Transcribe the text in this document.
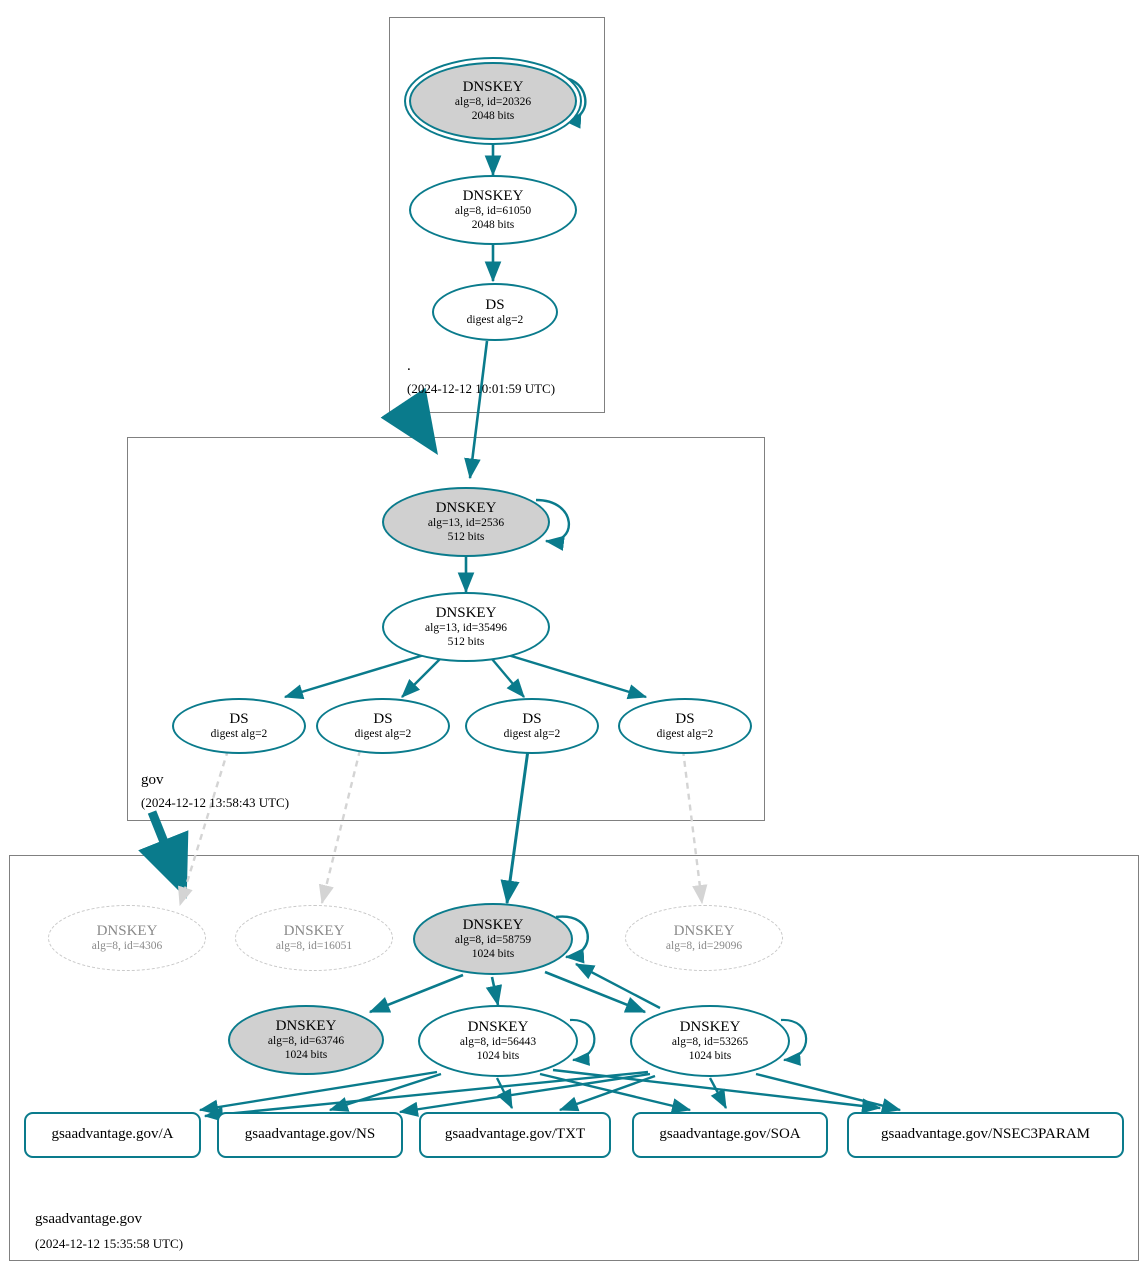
DNSKEY
alg=8, id=20326
2048 bits
DNSKEY
alg=8, id=61050
2048 bits
DS
digest alg=2
.
(2024-12-12 10:01:59 UTC)
DNSKEY
alg=13, id=2536
512 bits
DNSKEY
alg=13, id=35496
512 bits
DS
digest alg=2
DS
digest alg=2
DS
digest alg=2
DS
digest alg=2
gov
(2024-12-12 13:58:43 UTC)
DNSKEY
alg=8, id=4306
DNSKEY
alg=8, id=16051
DNSKEY
alg=8, id=58759
1024 bits
DNSKEY
alg=8, id=29096
DNSKEY
alg=8, id=63746
1024 bits
DNSKEY
alg=8, id=56443
1024 bits
DNSKEY
alg=8, id=53265
1024 bits
gsaadvantage.gov/A	gsaadvantage.gov/NS	gsaadvantage.gov/TXT	gsaadvantage.gov/SOA	gsaadvantage.gov/NSEC3PARAM
gsaadvantage.gov
(2024-12-12 15:35:58 UTC)
